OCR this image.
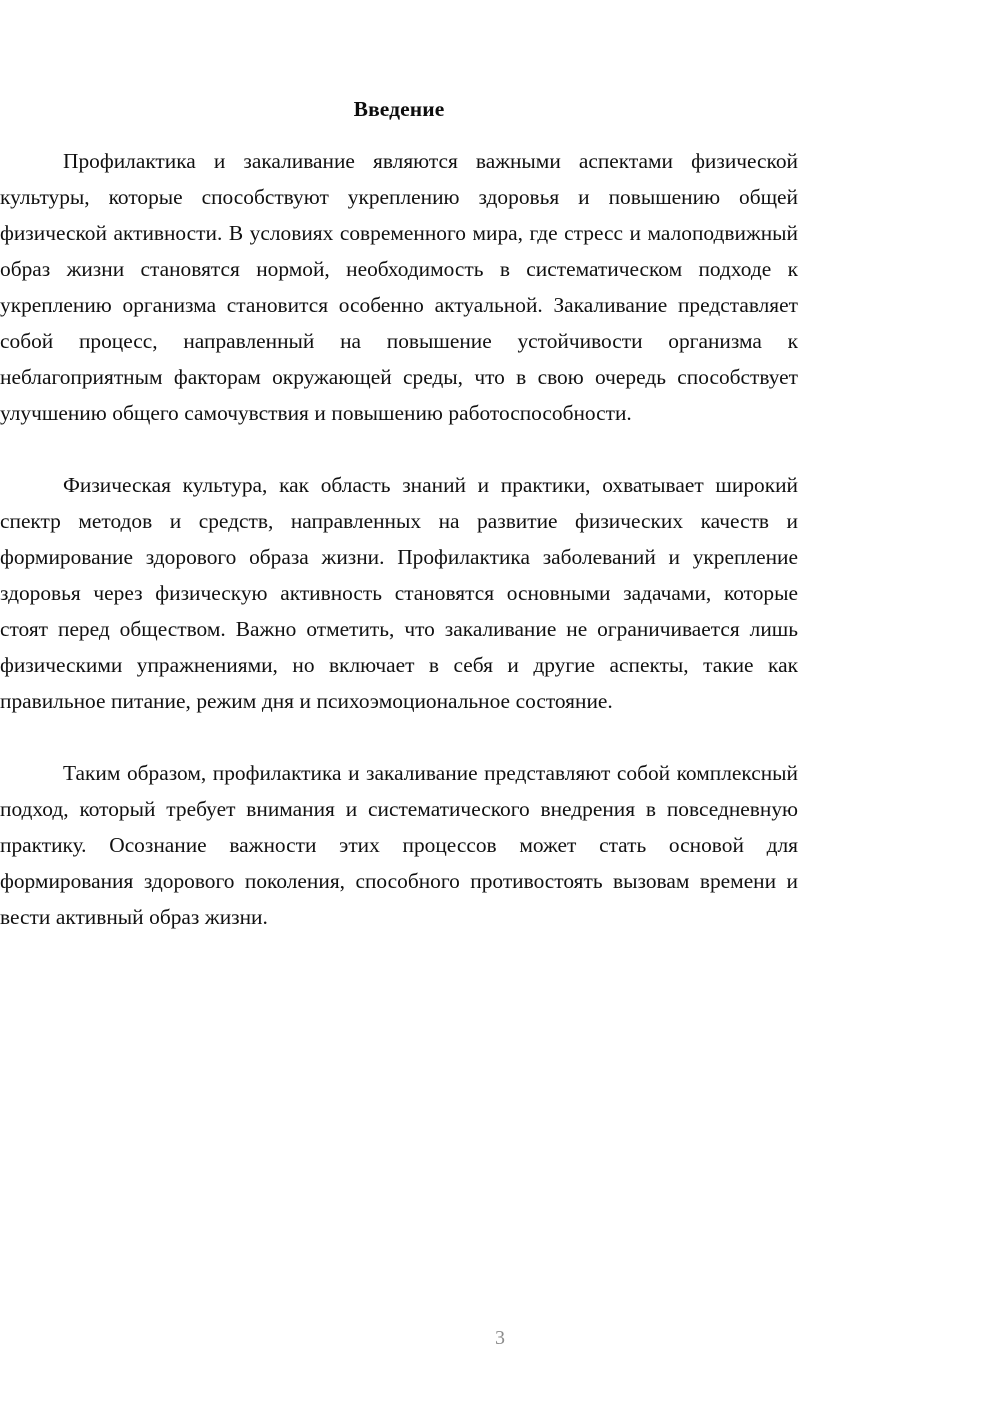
Введение

Профилактика и закаливание являются важными аспектами физической культуры, которые способствуют укреплению здоровья и повышению общей физической активности. В условиях современного мира, где стресс и малоподвижный образ жизни становятся нормой, необходимость в систематическом подходе к укреплению организма становится особенно актуальной. Закаливание представляет собой процесс, направленный на повышение устойчивости организма к неблагоприятным факторам окружающей среды, что в свою очередь способствует улучшению общего самочувствия и повышению работоспособности.

Физическая культура, как область знаний и практики, охватывает широкий спектр методов и средств, направленных на развитие физических качеств и формирование здорового образа жизни. Профилактика заболеваний и укрепление здоровья через физическую активность становятся основными задачами, которые стоят перед обществом. Важно отметить, что закаливание не ограничивается лишь физическими упражнениями, но включает в себя и другие аспекты, такие как правильное питание, режим дня и психоэмоциональное состояние.

Таким образом, профилактика и закаливание представляют собой комплексный подход, который требует внимания и систематического внедрения в повседневную практику. Осознание важности этих процессов может стать основой для формирования здорового поколения, способного противостоять вызовам времени и вести активный образ жизни.

3
